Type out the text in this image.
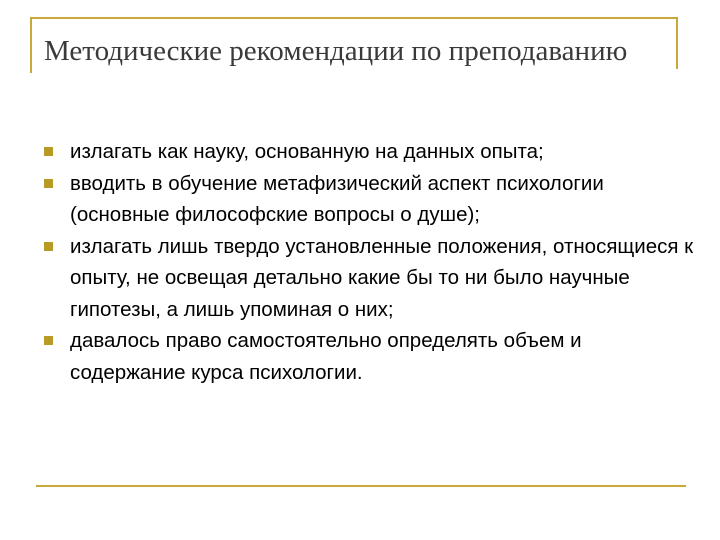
Методические рекомендации по преподаванию
излагать как науку, основанную на данных опыта;
вводить в обучение метафизический аспект психологии (основные философские вопросы о душе);
излагать лишь твердо установленные положения, относящиеся к опыту, не освещая детально какие бы то ни было научные гипотезы, а лишь упоминая о них;
давалось право самостоятельно определять объем и содержание курса психологии.
